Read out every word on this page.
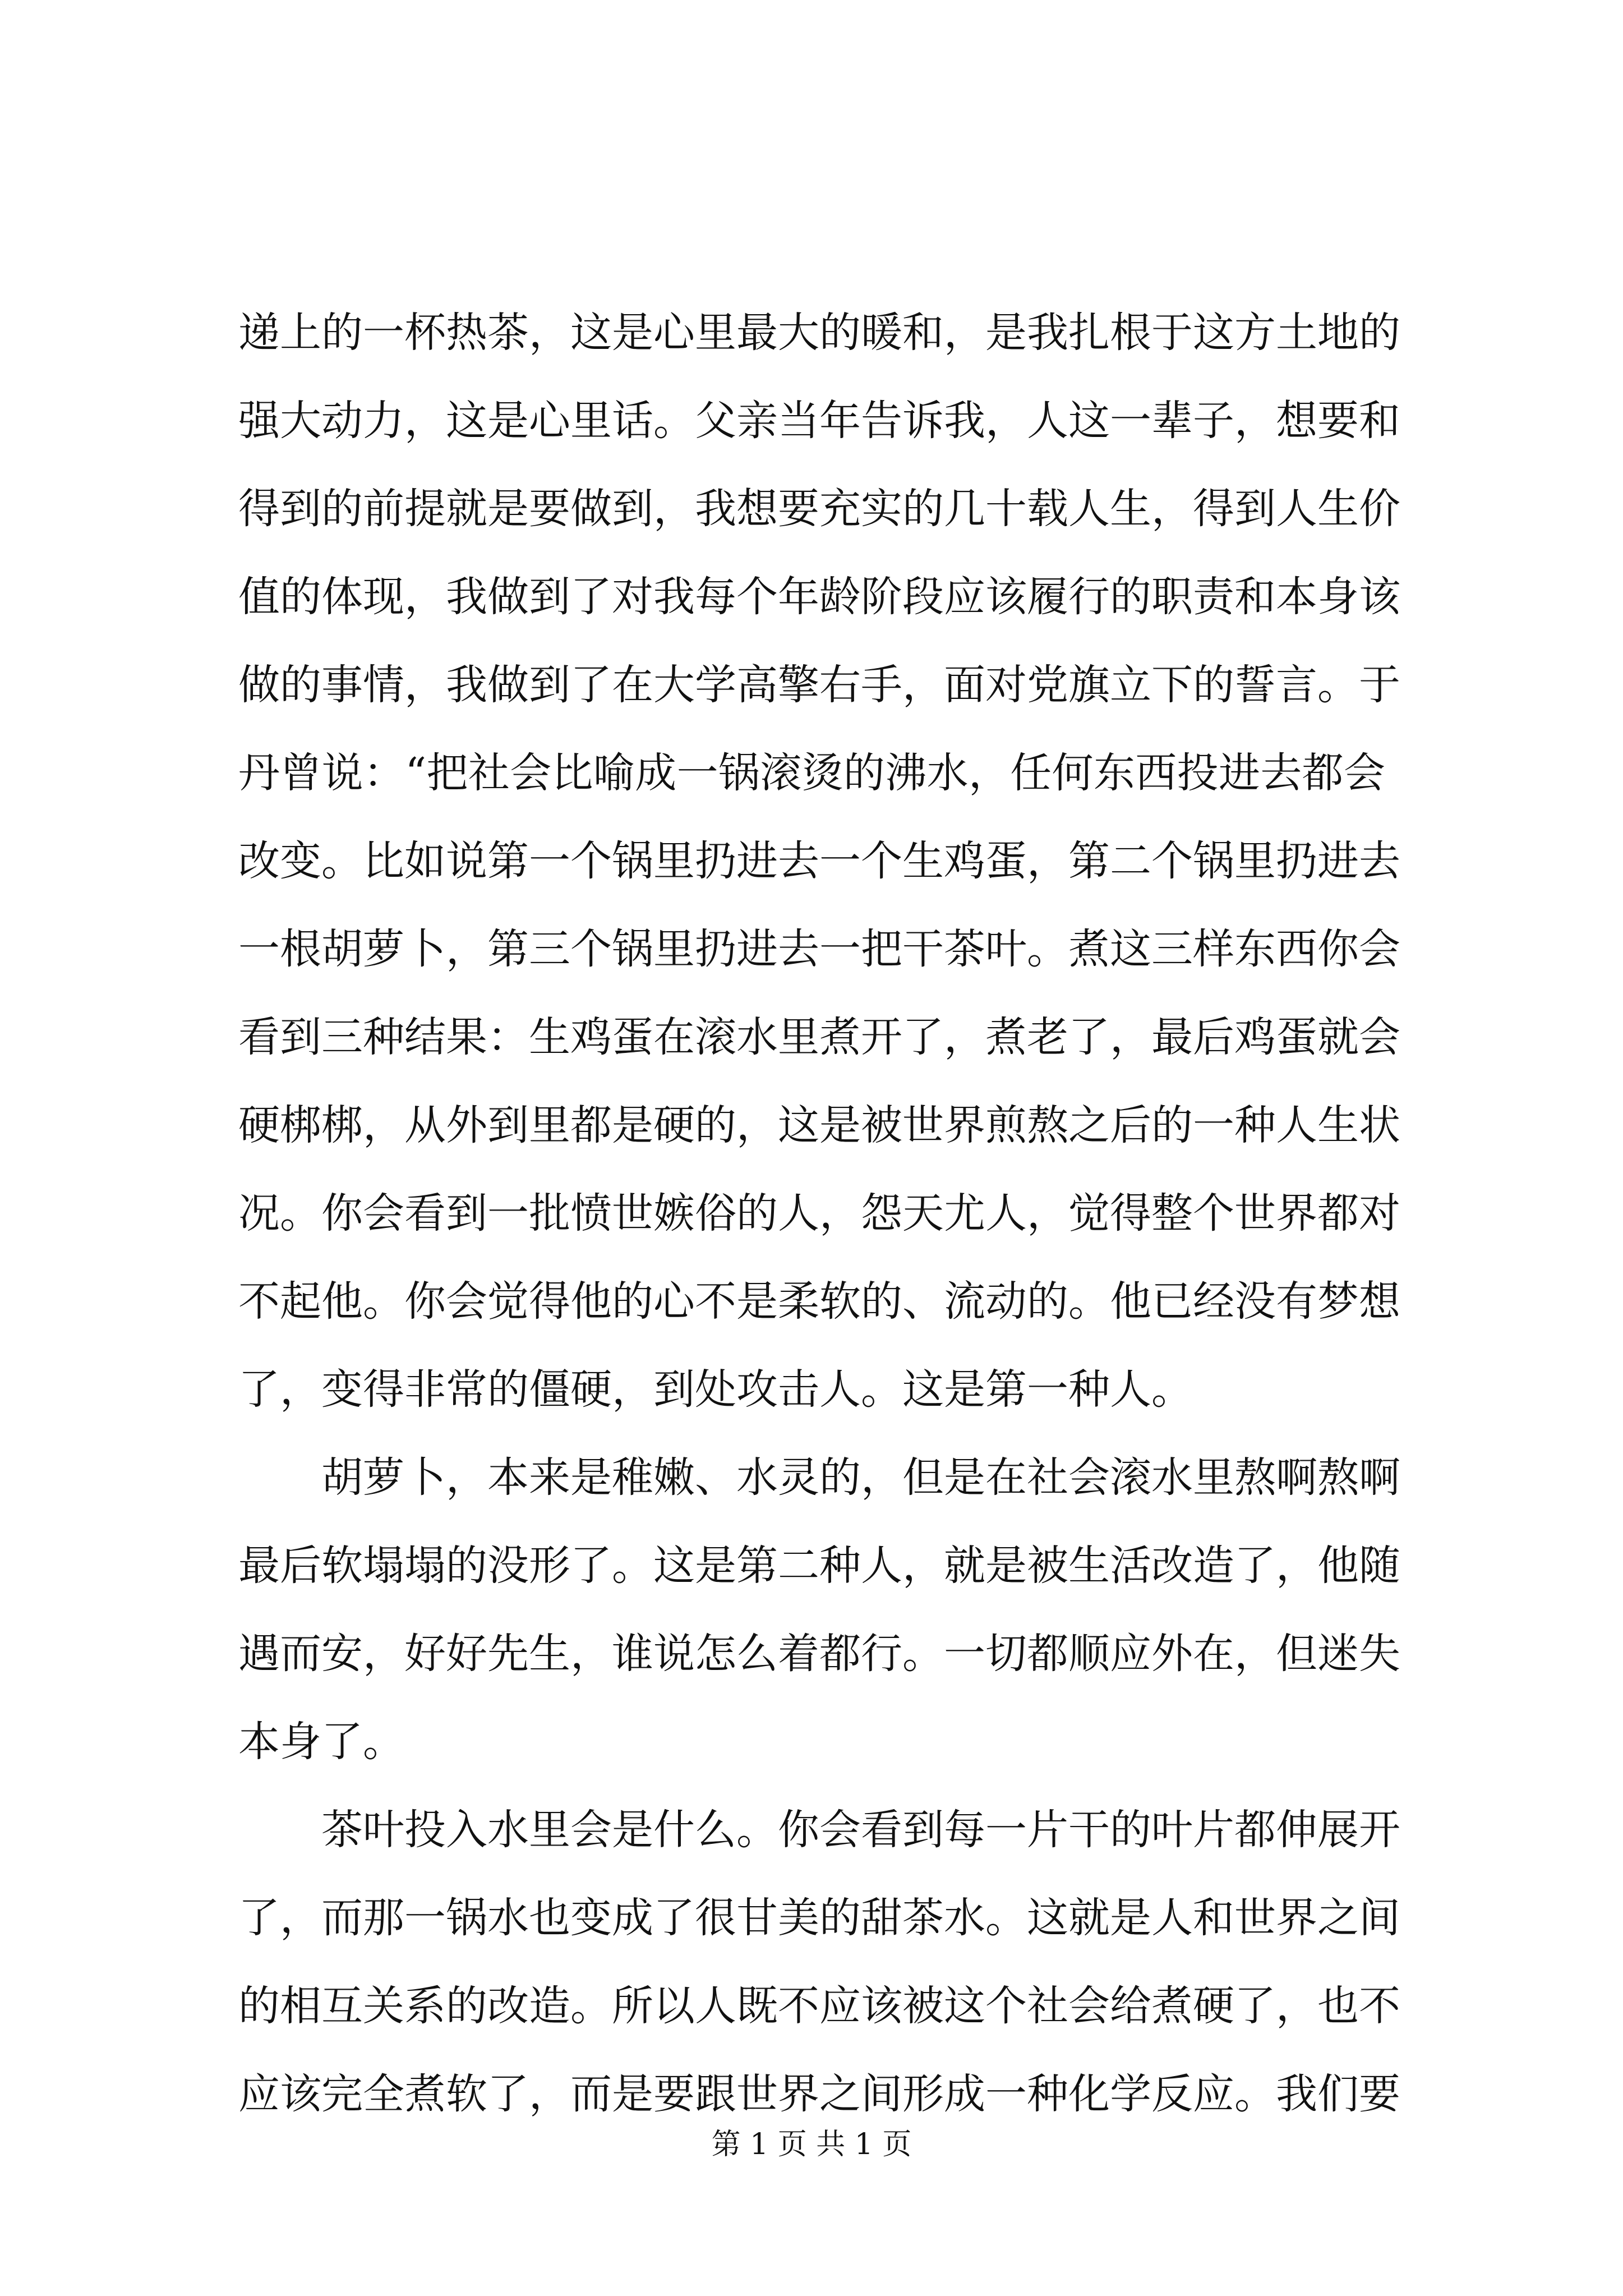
递上的一杯热茶，这是心里最大的暖和，是我扎根于这方土地的
强大动力，这是心里话。父亲当年告诉我，人这一辈子，想要和
得到的前提就是要做到，我想要充实的几十载人生，得到人生价
值的体现，我做到了对我每个年龄阶段应该履行的职责和本身该
做的事情，我做到了在大学高擎右手，面对党旗立下的誓言。于
丹曾说：“把社会比喻成一锅滚烫的沸水，任何东西投进去都会
改变。比如说第一个锅里扔进去一个生鸡蛋，第二个锅里扔进去
一根胡萝卜，第三个锅里扔进去一把干茶叶。煮这三样东西你会
看到三种结果：生鸡蛋在滚水里煮开了，煮老了，最后鸡蛋就会
硬梆梆，从外到里都是硬的，这是被世界煎熬之后的一种人生状
况。你会看到一批愤世嫉俗的人，怨天尤人，觉得整个世界都对
不起他。你会觉得他的心不是柔软的、流动的。他已经没有梦想
了，变得非常的僵硬，到处攻击人。这是第一种人。
胡萝卜，本来是稚嫩、水灵的，但是在社会滚水里熬啊熬啊
最后软塌塌的没形了。这是第二种人，就是被生活改造了，他随
遇而安，好好先生，谁说怎么着都行。一切都顺应外在，但迷失
本身了。
茶叶投入水里会是什么。你会看到每一片干的叶片都伸展开
了，而那一锅水也变成了很甘美的甜茶水。这就是人和世界之间
的相互关系的改造。所以人既不应该被这个社会给煮硬了，也不
应该完全煮软了，而是要跟世界之间形成一种化学反应。我们要
第 1 页 共 1 页
